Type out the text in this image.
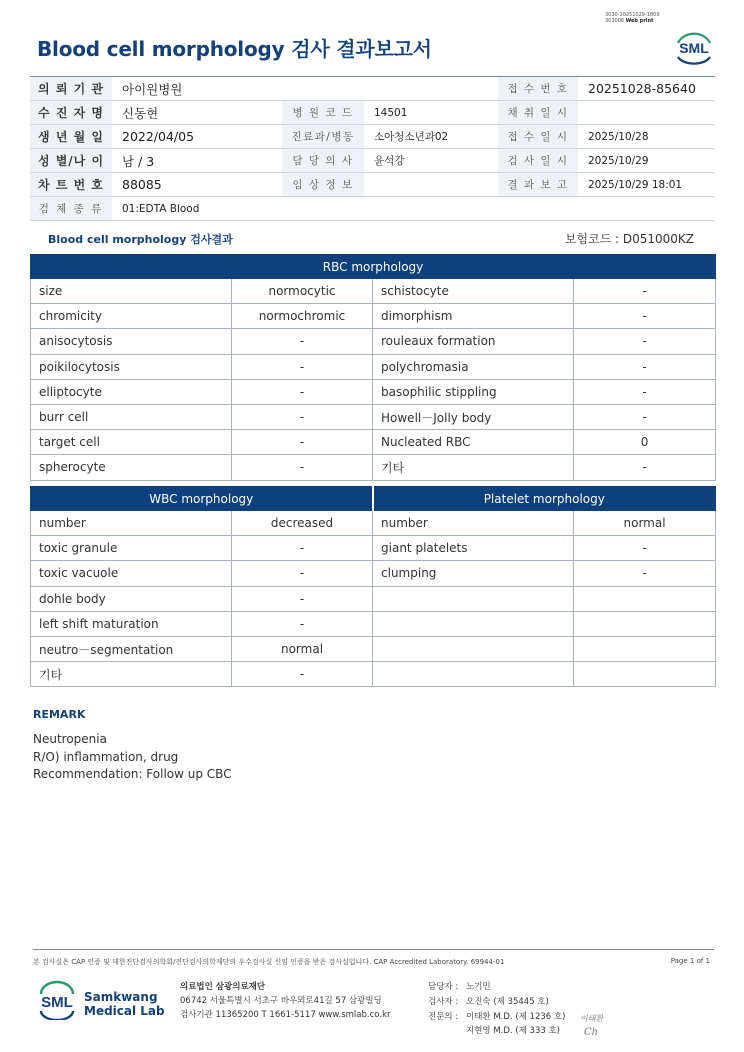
3030-20251029-1809
303006 Web print
Blood cell morphology 검사 결과보고서	SML
의 뢰 기 관	아이원병원			접 수 번 호	20251028-85640
수 진 자 명	신동현	병 원 코 드	14501	채 취 일 시	
생 년 월 일	2022/04/05	진료과/병동	소아청소년과02	접 수 일 시	2025/10/28
성 별/나 이	남 / 3	담 당 의 사	윤석강	검 사 일 시	2025/10/29
차 트 번 호	88085	임 상 정 보		결 과 보 고	2025/10/29 18:01
검 체 종 류	01:EDTA Blood				
Blood cell morphology 검사결과	보험코드 : D051000KZ
RBC morphology			
size	normocytic	schistocyte	-
chromicity	normochromic	dimorphism	-
anisocytosis	-	rouleaux formation	-
poikilocytosis	-	polychromasia	-
elliptocyte	-	basophilic stippling	-
burr cell	-	Howell－Jolly body	-
target cell	-	Nucleated RBC	0
spherocyte	-	기타	-
WBC morphology		Platelet morphology	
number	decreased	number	normal
toxic granule	-	giant platelets	-
toxic vacuole	-	clumping	-
dohle body	-		
left shift maturation	-		
neutro－segmentation	normal		
기타	-		
REMARK
Neutropenia
R/O) inflammation, drug
Recommendation: Follow up CBC
본 검사실은 CAP 인증 및 대한진단검사의학회/진단검사의학재단의 우수검사실 신임 인증을 받은 검사실입니다. CAP Accredited Laboratory. 69944-01	Page 1 of 1
SML Samkwang
Medical Lab
의료법인 삼광의료재단
06742 서울특별시 서초구 바우뫼로41길 57 삼광빌딩
검사기관 11365200 T 1661-5117 www.smlab.co.kr
담당자 : 노기민
검사자 : 오진숙 (제 35445 호)
전문의 : 이태환 M.D. (제 1236 호)
지현영 M.D. (제 333 호)
이태환
Ch
